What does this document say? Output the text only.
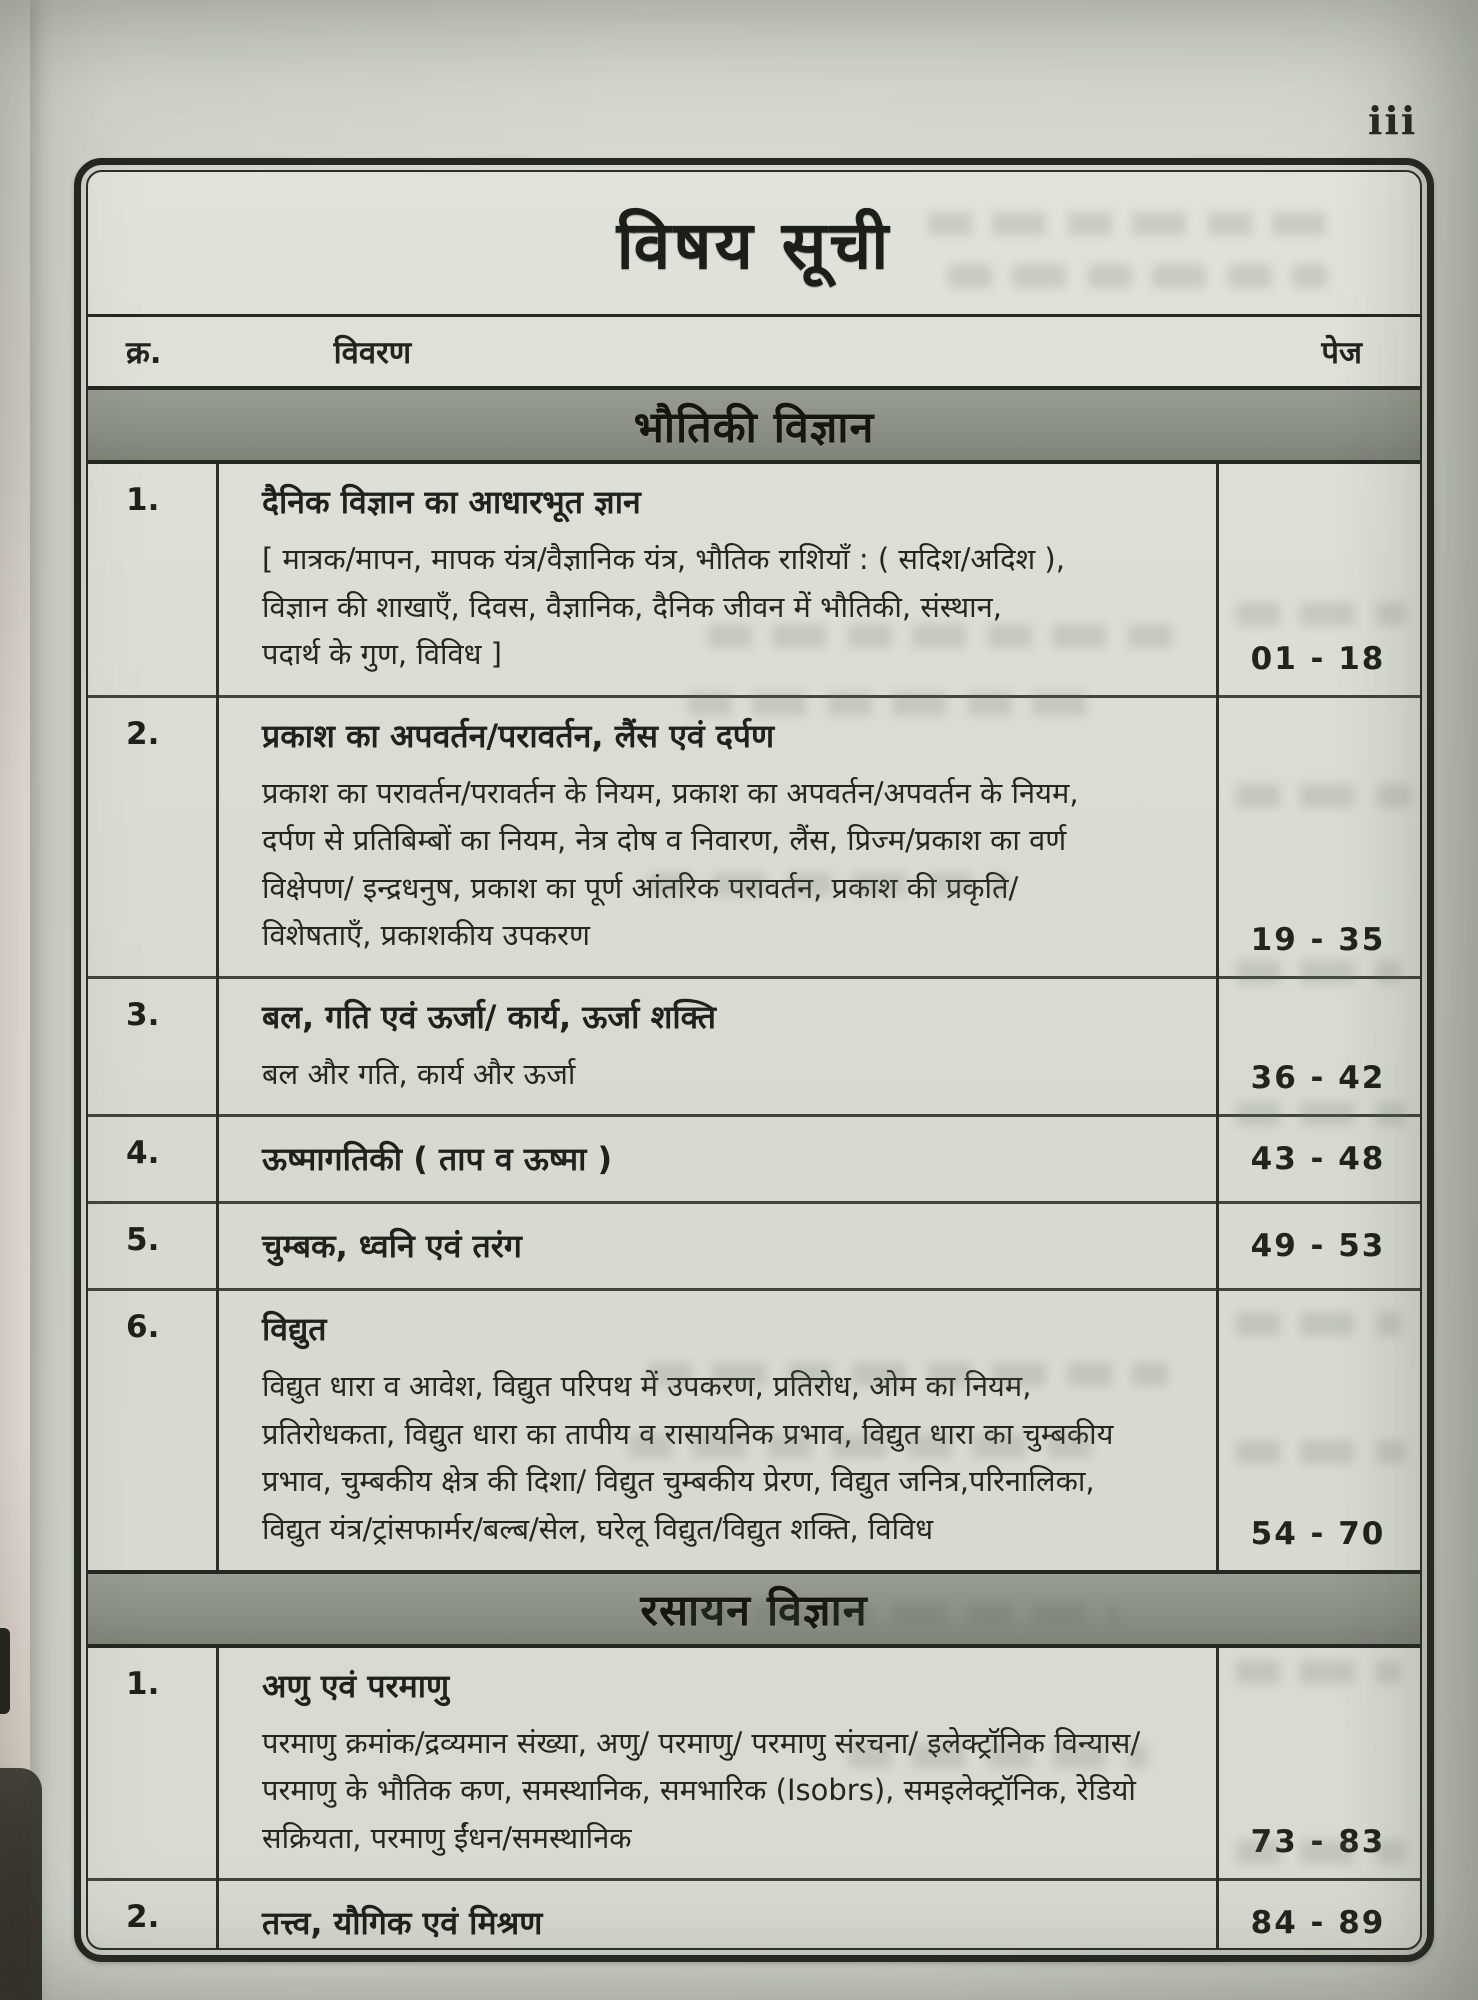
iii
विषय सूची
क्र.	विवरण	पेज
भौतिकी विज्ञान
1.	दैनिक विज्ञान का आधारभूत ज्ञान
[ मात्रक/मापन, मापक यंत्र/वैज्ञानिक यंत्र, भौतिक राशियाँ : ( सदिश/अदिश ),
विज्ञान की शाखाएँ, दिवस, वैज्ञानिक, दैनिक जीवन में भौतिकी, संस्थान,
पदार्थ के गुण, विविध ]	01 - 18
2.	प्रकाश का अपवर्तन/परावर्तन, लैंस एवं दर्पण
प्रकाश का परावर्तन/परावर्तन के नियम, प्रकाश का अपवर्तन/अपवर्तन के नियम,
दर्पण से प्रतिबिम्बों का नियम, नेत्र दोष व निवारण, लैंस, प्रिज्म/प्रकाश का वर्ण
विक्षेपण/ इन्द्रधनुष, प्रकाश का पूर्ण आंतरिक परावर्तन, प्रकाश की प्रकृति/
विशेषताएँ, प्रकाशकीय उपकरण	19 - 35
3.	बल, गति एवं ऊर्जा/ कार्य, ऊर्जा शक्ति
बल और गति, कार्य और ऊर्जा	36 - 42
4.	ऊष्मागतिकी ( ताप व ऊष्मा )	43 - 48
5.	चुम्बक, ध्वनि एवं तरंग	49 - 53
6.	विद्युत
विद्युत धारा व आवेश, विद्युत परिपथ में उपकरण, प्रतिरोध, ओम का नियम,
प्रतिरोधकता, विद्युत धारा का तापीय व रासायनिक प्रभाव, विद्युत धारा का चुम्बकीय
प्रभाव, चुम्बकीय क्षेत्र की दिशा/ विद्युत चुम्बकीय प्रेरण, विद्युत जनित्र,परिनालिका,
विद्युत यंत्र/ट्रांसफार्मर/बल्ब/सेल, घरेलू विद्युत/विद्युत शक्ति, विविध	54 - 70
रसायन विज्ञान
1.	अणु एवं परमाणु
परमाणु क्रमांक/द्रव्यमान संख्या, अणु/ परमाणु/ परमाणु संरचना/ इलेक्ट्रॉनिक विन्यास/
परमाणु के भौतिक कण, समस्थानिक, समभारिक (Isobrs), समइलेक्ट्रॉनिक, रेडियो
सक्रियता, परमाणु ईंधन/समस्थानिक	73 - 83
2.	तत्त्व, यौगिक एवं मिश्रण	84 - 89
